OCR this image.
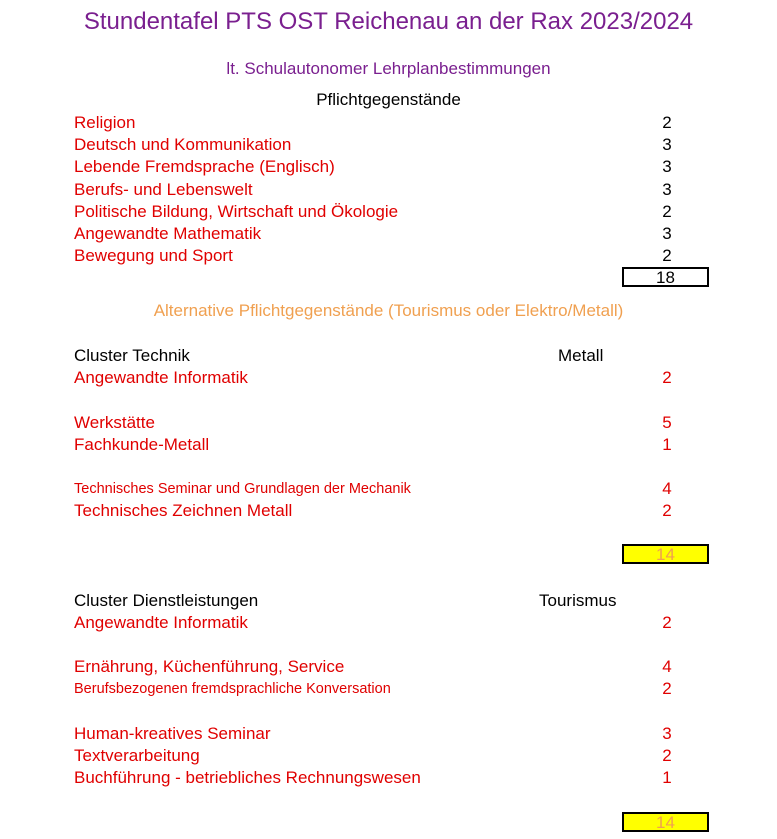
Stundentafel PTS OST Reichenau an der Rax 2023/2024
lt. Schulautonomer Lehrplanbestimmungen
Pflichtgegenstände
Religion	2
Deutsch und Kommunikation	3
Lebende Fremdsprache (Englisch)	3
Berufs- und Lebenswelt	3
Politische Bildung, Wirtschaft und Ökologie	2
Angewandte Mathematik	3
Bewegung und Sport	2
18
Alternative Pflichtgegenstände (Tourismus oder Elektro/Metall)
Cluster Technik	Metall
Angewandte Informatik	2
Werkstätte	5
Fachkunde-Metall	1
Technisches Seminar und Grundlagen der Mechanik	4
Technisches Zeichnen Metall	2
14
Cluster Dienstleistungen	Tourismus
Angewandte Informatik	2
Ernährung, Küchenführung, Service	4
Berufsbezogenen fremdsprachliche Konversation	2
Human-kreatives Seminar	3
Textverarbeitung	2
Buchführung - betriebliches Rechnungswesen	1
14
